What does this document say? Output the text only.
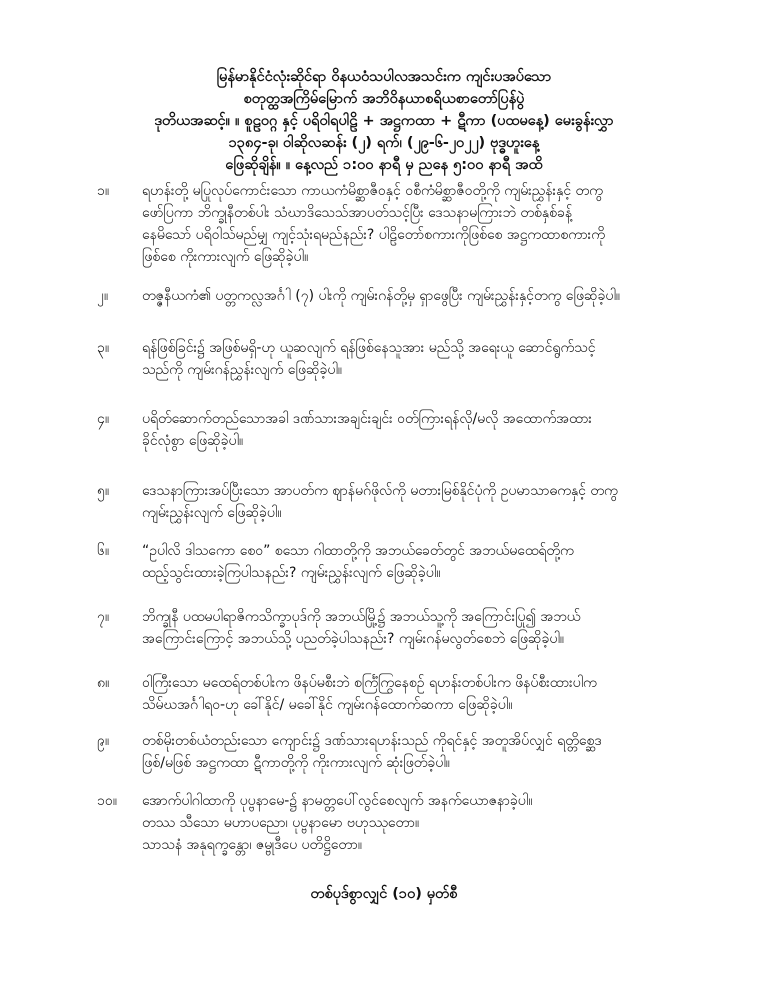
မြန်မာနိုင်ငံလုံးဆိုင်ရာ ဝိနယဝံသပါလအသင်းက ကျင်းပအပ်သော
စတုတ္ထအကြိမ်မြောက် အဘိဝိနယာစရိယစာတော်ပြန်ပွဲ
ဒုတိယအဆင့်။ ။ စူဠဝဂ္ဂ နှင့် ပရိဝါရပါဠိ + အဋ္ဌကထာ + ဋီကာ (ပထမနေ့) မေးခွန်းလွှာ
၁၃၈၄-ခု၊ ဝါဆိုလဆန်း (၂) ရက်၊ (၂၉-၆-၂၀၂၂) ဗုဒ္ဓဟူးနေ့
ဖြေဆိုချိန်။ ။ နေ့လည် ၁:၀၀ နာရီ မှ ညနေ ၅:၀၀ နာရီ အထိ
၁။	ရဟန်းတို့ မပြုလုပ်ကောင်းသော ကာယကံမိစ္ဆာဇီဝနှင့် ဝစီကံမိစ္ဆာဇီဝတို့ကို ကျမ်းညွှန်းနှင့် တကွ
ဖော်ပြကာ ဘိက္ခုနီတစ်ပါး သံဃာဒိသေသ်အာပတ်သင့်ပြီး ဒေသနာမကြားဘဲ တစ်နှစ်ခန့်
နေမိသော် ပရိဝါသ်မည်မျှ ကျင့်သုံးရမည်နည်း? ပါဠိတော်စကားကိုဖြစ်စေ အဋ္ဌကထာစကားကို
ဖြစ်စေ ကိုးကားလျက် ဖြေဆိုခဲ့ပါ။
၂။	တဇ္ဇနီယကံ၏ ပတ္တကလ္လအင်္ဂါ (၇) ပါးကို ကျမ်းဂန်တို့မှ ရှာဖွေပြီး ကျမ်းညွှန်းနှင့်တကွ ဖြေဆိုခဲ့ပါ။
၃။	ရန်ဖြစ်ခြင်း၌ အဖြစ်မရှိ-ဟု ယူဆလျက် ရန်ဖြစ်နေသူအား မည်သို့ အရေးယူ ဆောင်ရွက်သင့်
သည်ကို ကျမ်းဂန်ညွှန်းလျက် ဖြေဆိုခဲ့ပါ။
၄။	ပရိတ်ဆောက်တည်သောအခါ ဒဏ်သားအချင်းချင်း ဝတ်ကြားရန်လို/မလို အထောက်အထား
ခိုင်လုံစွာ ဖြေဆိုခဲ့ပါ။
၅။	ဒေသနာကြားအပ်ပြီးသော အာပတ်က ဈာန်မဂ်ဖိုလ်ကို မတားမြစ်နိုင်ပုံကို ဥပမာသာဓကနှင့် တကွ
ကျမ်းညွှန်းလျက် ဖြေဆိုခဲ့ပါ။
၆။	“ဥပါလိ ဒါသကော စေဝ” စသော ဂါထာတို့ကို အဘယ်ခေတ်တွင် အဘယ်မထေရ်တို့က
ထည့်သွင်းထားခဲ့ကြပါသနည်း? ကျမ်းညွှန်းလျက် ဖြေဆိုခဲ့ပါ။
၇။	ဘိက္ခုနီ ပထမပါရာဇိကသိက္ခာပုဒ်ကို အဘယ်မြို့၌ အဘယ်သူ့ကို အကြောင်းပြု၍ အဘယ်
အကြောင်းကြောင့် အဘယ်သို့ ပညတ်ခဲ့ပါသနည်း? ကျမ်းဂန်မလွတ်စေဘဲ ဖြေဆိုခဲ့ပါ။
၈။	ဝါကြီးသော မထေရ်တစ်ပါးက ဖိနပ်မစီးဘဲ စင်္ကြံကြွနေစဉ် ရဟန်းတစ်ပါးက ဖိနပ်စီးထားပါက
သိမ်ဃအင်္ဂါရဝ-ဟု ခေါ်နိုင်/ မခေါ်နိုင် ကျမ်းဂန်ထောက်ဆကာ ဖြေဆိုခဲ့ပါ။
၉။	တစ်မိုးတစ်ယံတည်းသော ကျောင်း၌ ဒဏ်သားရဟန်းသည် ကိုရင်နှင့် အတူအိပ်လျှင် ရတ္တိစ္ဆေဒ
ဖြစ်/မဖြစ် အဋ္ဌကထာ ဋီကာတို့ကို ကိုးကားလျက် ဆုံးဖြတ်ခဲ့ပါ။
၁၀။	အောက်ပါဂါထာကို ပုပ္ဗနာမေ-၌ နာမတ္တပေါ်လွင်စေလျက် အနက်ယောဇနာခဲ့ပါ။
တဿ သီသော မဟာပညော၊ ပုပ္ဗနာမော ဗဟုဿုတော။
သာသနံ အနုရက္ခန္တော၊ ဇမ္ဗုဒီပေ ပတိဋ္ဌိတော။
တစ်ပုဒ်စွာလျှင် (၁၀) မှတ်စီ
